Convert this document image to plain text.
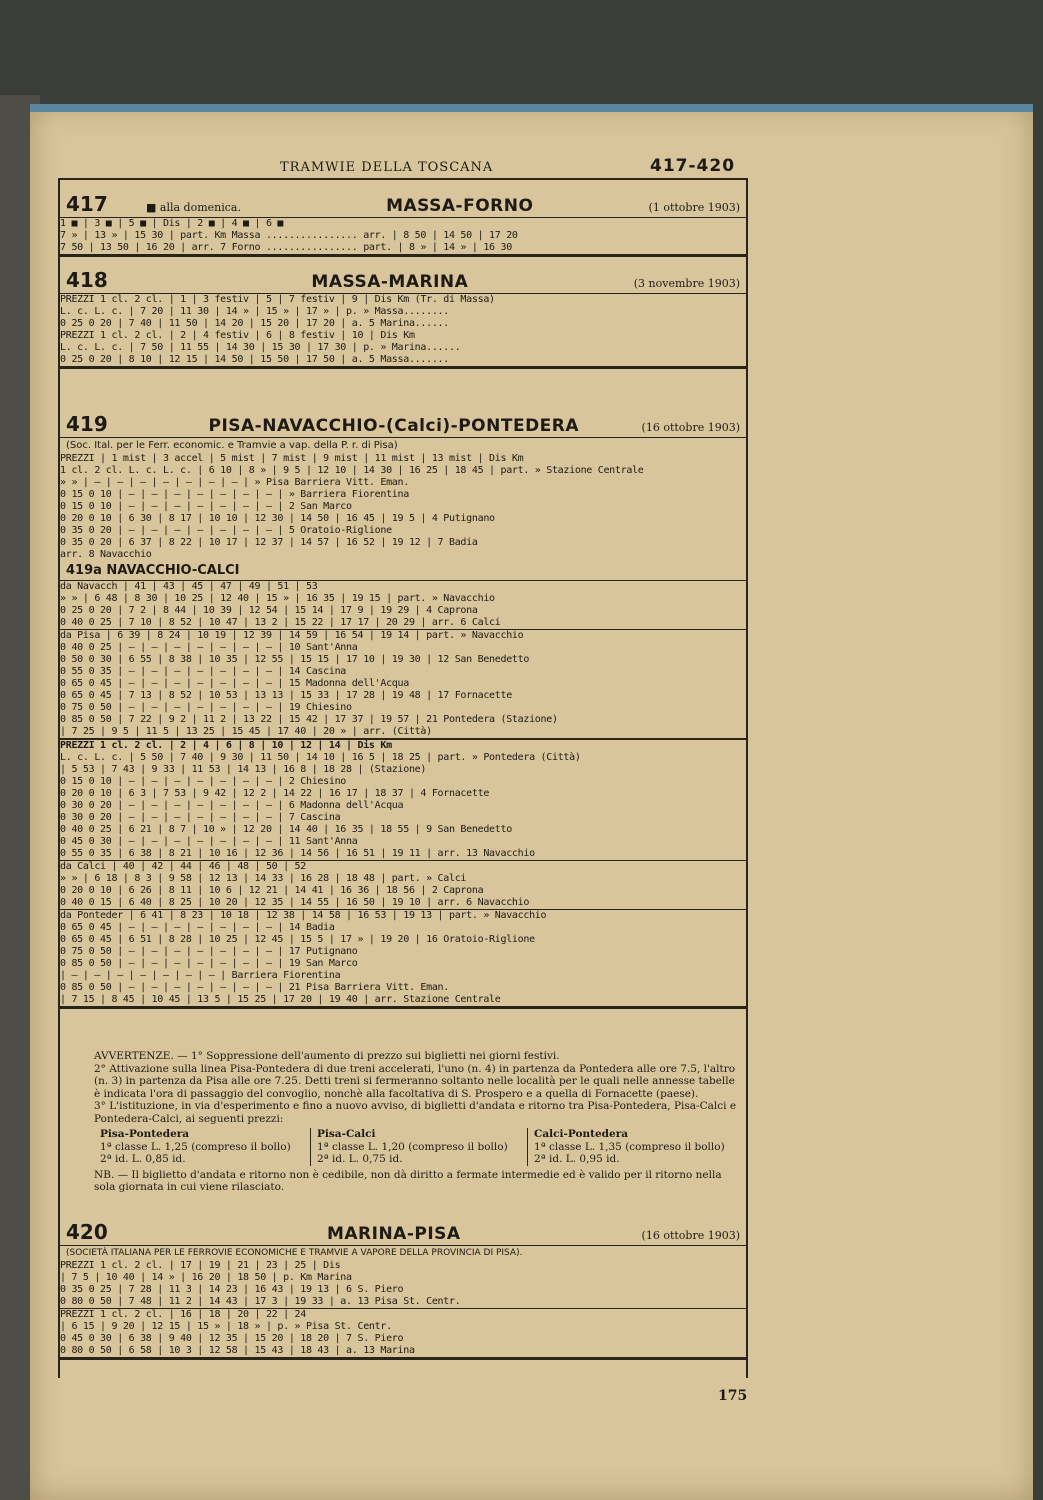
TRAMWIE DELLA TOSCANA	417-420
417	■ alla domenica.	MASSA-FORNO	(1 ottobre 1903)
1 ■ | 3 ■ | 5 ■ | Dis | 2 ■ | 4 ■ | 6 ■
7 » | 13 » | 15 30 | part. Km Massa ................ arr. | 8 50 | 14 50 | 17 20
7 50 | 13 50 | 16 20 | arr. 7 Forno ................ part. | 8 » | 14 » | 16 30
418	MASSA-MARINA	(3 novembre 1903)
PREZZI 1 cl. 2 cl. | 1 | 3 festiv | 5 | 7 festiv | 9 | Dis Km (Tr. di Massa)
L. c. L. c. | 7 20 | 11 30 | 14 » | 15 » | 17 » | p. » Massa........
0 25 0 20 | 7 40 | 11 50 | 14 20 | 15 20 | 17 20 | a. 5 Marina......
PREZZI 1 cl. 2 cl. | 2 | 4 festiv | 6 | 8 festiv | 10 | Dis Km
L. c. L. c. | 7 50 | 11 55 | 14 30 | 15 30 | 17 30 | p. » Marina......
0 25 0 20 | 8 10 | 12 15 | 14 50 | 15 50 | 17 50 | a. 5 Massa.......
419	PISA-NAVACCHIO-(Calci)-PONTEDERA	(16 ottobre 1903)
(Soc. Ital. per le Ferr. economic. e Tramvie a vap. della P. r. di Pisa)
PREZZI | 1 mist | 3 accel | 5 mist | 7 mist | 9 mist | 11 mist | 13 mist | Dis Km
1 cl. 2 cl. L. c. L. c. | 6 10 | 8 » | 9 5 | 12 10 | 14 30 | 16 25 | 18 45 | part. » Stazione Centrale
» » | — | — | — | — | — | — | — | » Pisa Barriera Vitt. Eman.
0 15 0 10 | — | — | — | — | — | — | — | » Barriera Fiorentina
0 15 0 10 | — | — | — | — | — | — | — | 2 San Marco
0 20 0 10 | 6 30 | 8 17 | 10 10 | 12 30 | 14 50 | 16 45 | 19 5 | 4 Putignano
0 35 0 20 | — | — | — | — | — | — | — | 5 Oratoio-Riglione
0 35 0 20 | 6 37 | 8 22 | 10 17 | 12 37 | 14 57 | 16 52 | 19 12 | 7 Badia
arr. 8 Navacchio
419a NAVACCHIO-CALCI
da Navacch | 41 | 43 | 45 | 47 | 49 | 51 | 53
» » | 6 48 | 8 30 | 10 25 | 12 40 | 15 » | 16 35 | 19 15 | part. » Navacchio
0 25 0 20 | 7 2 | 8 44 | 10 39 | 12 54 | 15 14 | 17 9 | 19 29 | 4 Caprona
0 40 0 25 | 7 10 | 8 52 | 10 47 | 13 2 | 15 22 | 17 17 | 20 29 | arr. 6 Calci
da Pisa | 6 39 | 8 24 | 10 19 | 12 39 | 14 59 | 16 54 | 19 14 | part. » Navacchio
0 40 0 25 | — | — | — | — | — | — | — | 10 Sant'Anna
0 50 0 30 | 6 55 | 8 38 | 10 35 | 12 55 | 15 15 | 17 10 | 19 30 | 12 San Benedetto
0 55 0 35 | — | — | — | — | — | — | — | 14 Cascina
0 65 0 45 | — | — | — | — | — | — | — | 15 Madonna dell'Acqua
0 65 0 45 | 7 13 | 8 52 | 10 53 | 13 13 | 15 33 | 17 28 | 19 48 | 17 Fornacette
0 75 0 50 | — | — | — | — | — | — | — | 19 Chiesino
0 85 0 50 | 7 22 | 9 2 | 11 2 | 13 22 | 15 42 | 17 37 | 19 57 | 21 Pontedera (Stazione)
| 7 25 | 9 5 | 11 5 | 13 25 | 15 45 | 17 40 | 20 » | arr. (Città)
PREZZI 1 cl. 2 cl. | 2 | 4 | 6 | 8 | 10 | 12 | 14 | Dis Km
L. c. L. c. | 5 50 | 7 40 | 9 30 | 11 50 | 14 10 | 16 5 | 18 25 | part. » Pontedera (Città)
| 5 53 | 7 43 | 9 33 | 11 53 | 14 13 | 16 8 | 18 28 | (Stazione)
0 15 0 10 | — | — | — | — | — | — | — | 2 Chiesino
0 20 0 10 | 6 3 | 7 53 | 9 42 | 12 2 | 14 22 | 16 17 | 18 37 | 4 Fornacette
0 30 0 20 | — | — | — | — | — | — | — | 6 Madonna dell'Acqua
0 30 0 20 | — | — | — | — | — | — | — | 7 Cascina
0 40 0 25 | 6 21 | 8 7 | 10 » | 12 20 | 14 40 | 16 35 | 18 55 | 9 San Benedetto
0 45 0 30 | — | — | — | — | — | — | — | 11 Sant'Anna
0 55 0 35 | 6 38 | 8 21 | 10 16 | 12 36 | 14 56 | 16 51 | 19 11 | arr. 13 Navacchio
da Calci | 40 | 42 | 44 | 46 | 48 | 50 | 52
» » | 6 18 | 8 3 | 9 58 | 12 13 | 14 33 | 16 28 | 18 48 | part. » Calci
0 20 0 10 | 6 26 | 8 11 | 10 6 | 12 21 | 14 41 | 16 36 | 18 56 | 2 Caprona
0 40 0 15 | 6 40 | 8 25 | 10 20 | 12 35 | 14 55 | 16 50 | 19 10 | arr. 6 Navacchio
da Ponteder | 6 41 | 8 23 | 10 18 | 12 38 | 14 58 | 16 53 | 19 13 | part. » Navacchio
0 65 0 45 | — | — | — | — | — | — | — | 14 Badia
0 65 0 45 | 6 51 | 8 28 | 10 25 | 12 45 | 15 5 | 17 » | 19 20 | 16 Oratoio-Riglione
0 75 0 50 | — | — | — | — | — | — | — | 17 Putignano
0 85 0 50 | — | — | — | — | — | — | — | 19 San Marco
| — | — | — | — | — | — | — | Barriera Fiorentina
0 85 0 50 | — | — | — | — | — | — | — | 21 Pisa Barriera Vitt. Eman.
| 7 15 | 8 45 | 10 45 | 13 5 | 15 25 | 17 20 | 19 40 | arr. Stazione Centrale

AVVERTENZE. — 1° Soppressione dell'aumento di prezzo sui biglietti nei giorni festivi.

2° Attivazione sulla linea Pisa-Pontedera di due treni accelerati, l'uno (n. 4) in partenza da Pontedera alle ore 7.5, l'altro (n. 3) in partenza da Pisa alle ore 7.25. Detti treni si fermeranno soltanto nelle località per le quali nelle annesse tabelle è indicata l'ora di passaggio del convoglio, nonchè alla facoltativa di S. Prospero e a quella di Fornacette (paese).

3° L'istituzione, in via d'esperimento e fino a nuovo avviso, di biglietti d'andata e ritorno tra Pisa-Pontedera, Pisa-Calci e Pontedera-Calci, ai seguenti prezzi:

Pisa-Pontedera
1ª classe L. 1,25 (compreso il bollo)
2ª id. L. 0,85 id.
Pisa-Calci
1ª classe L. 1,20 (compreso il bollo)
2ª id. L. 0,75 id.
Calci-Pontedera
1ª classe L. 1,35 (compreso il bollo)
2ª id. L. 0,95 id.

NB. — Il biglietto d'andata e ritorno non è cedibile, non dà diritto a fermate intermedie ed è valido per il ritorno nella sola giornata in cui viene rilasciato.

420	MARINA-PISA	(16 ottobre 1903)
(SOCIETÀ ITALIANA PER LE FERROVIE ECONOMICHE E TRAMVIE A VAPORE DELLA PROVINCIA DI PISA).
PREZZI 1 cl. 2 cl. | 17 | 19 | 21 | 23 | 25 | Dis
| 7 5 | 10 40 | 14 » | 16 20 | 18 50 | p. Km Marina
0 35 0 25 | 7 28 | 11 3 | 14 23 | 16 43 | 19 13 | 6 S. Piero
0 80 0 50 | 7 48 | 11 2 | 14 43 | 17 3 | 19 33 | a. 13 Pisa St. Centr.
PREZZI 1 cl. 2 cl. | 16 | 18 | 20 | 22 | 24
| 6 15 | 9 20 | 12 15 | 15 » | 18 » | p. » Pisa St. Centr.
0 45 0 30 | 6 38 | 9 40 | 12 35 | 15 20 | 18 20 | 7 S. Piero
0 80 0 50 | 6 58 | 10 3 | 12 58 | 15 43 | 18 43 | a. 13 Marina
175
